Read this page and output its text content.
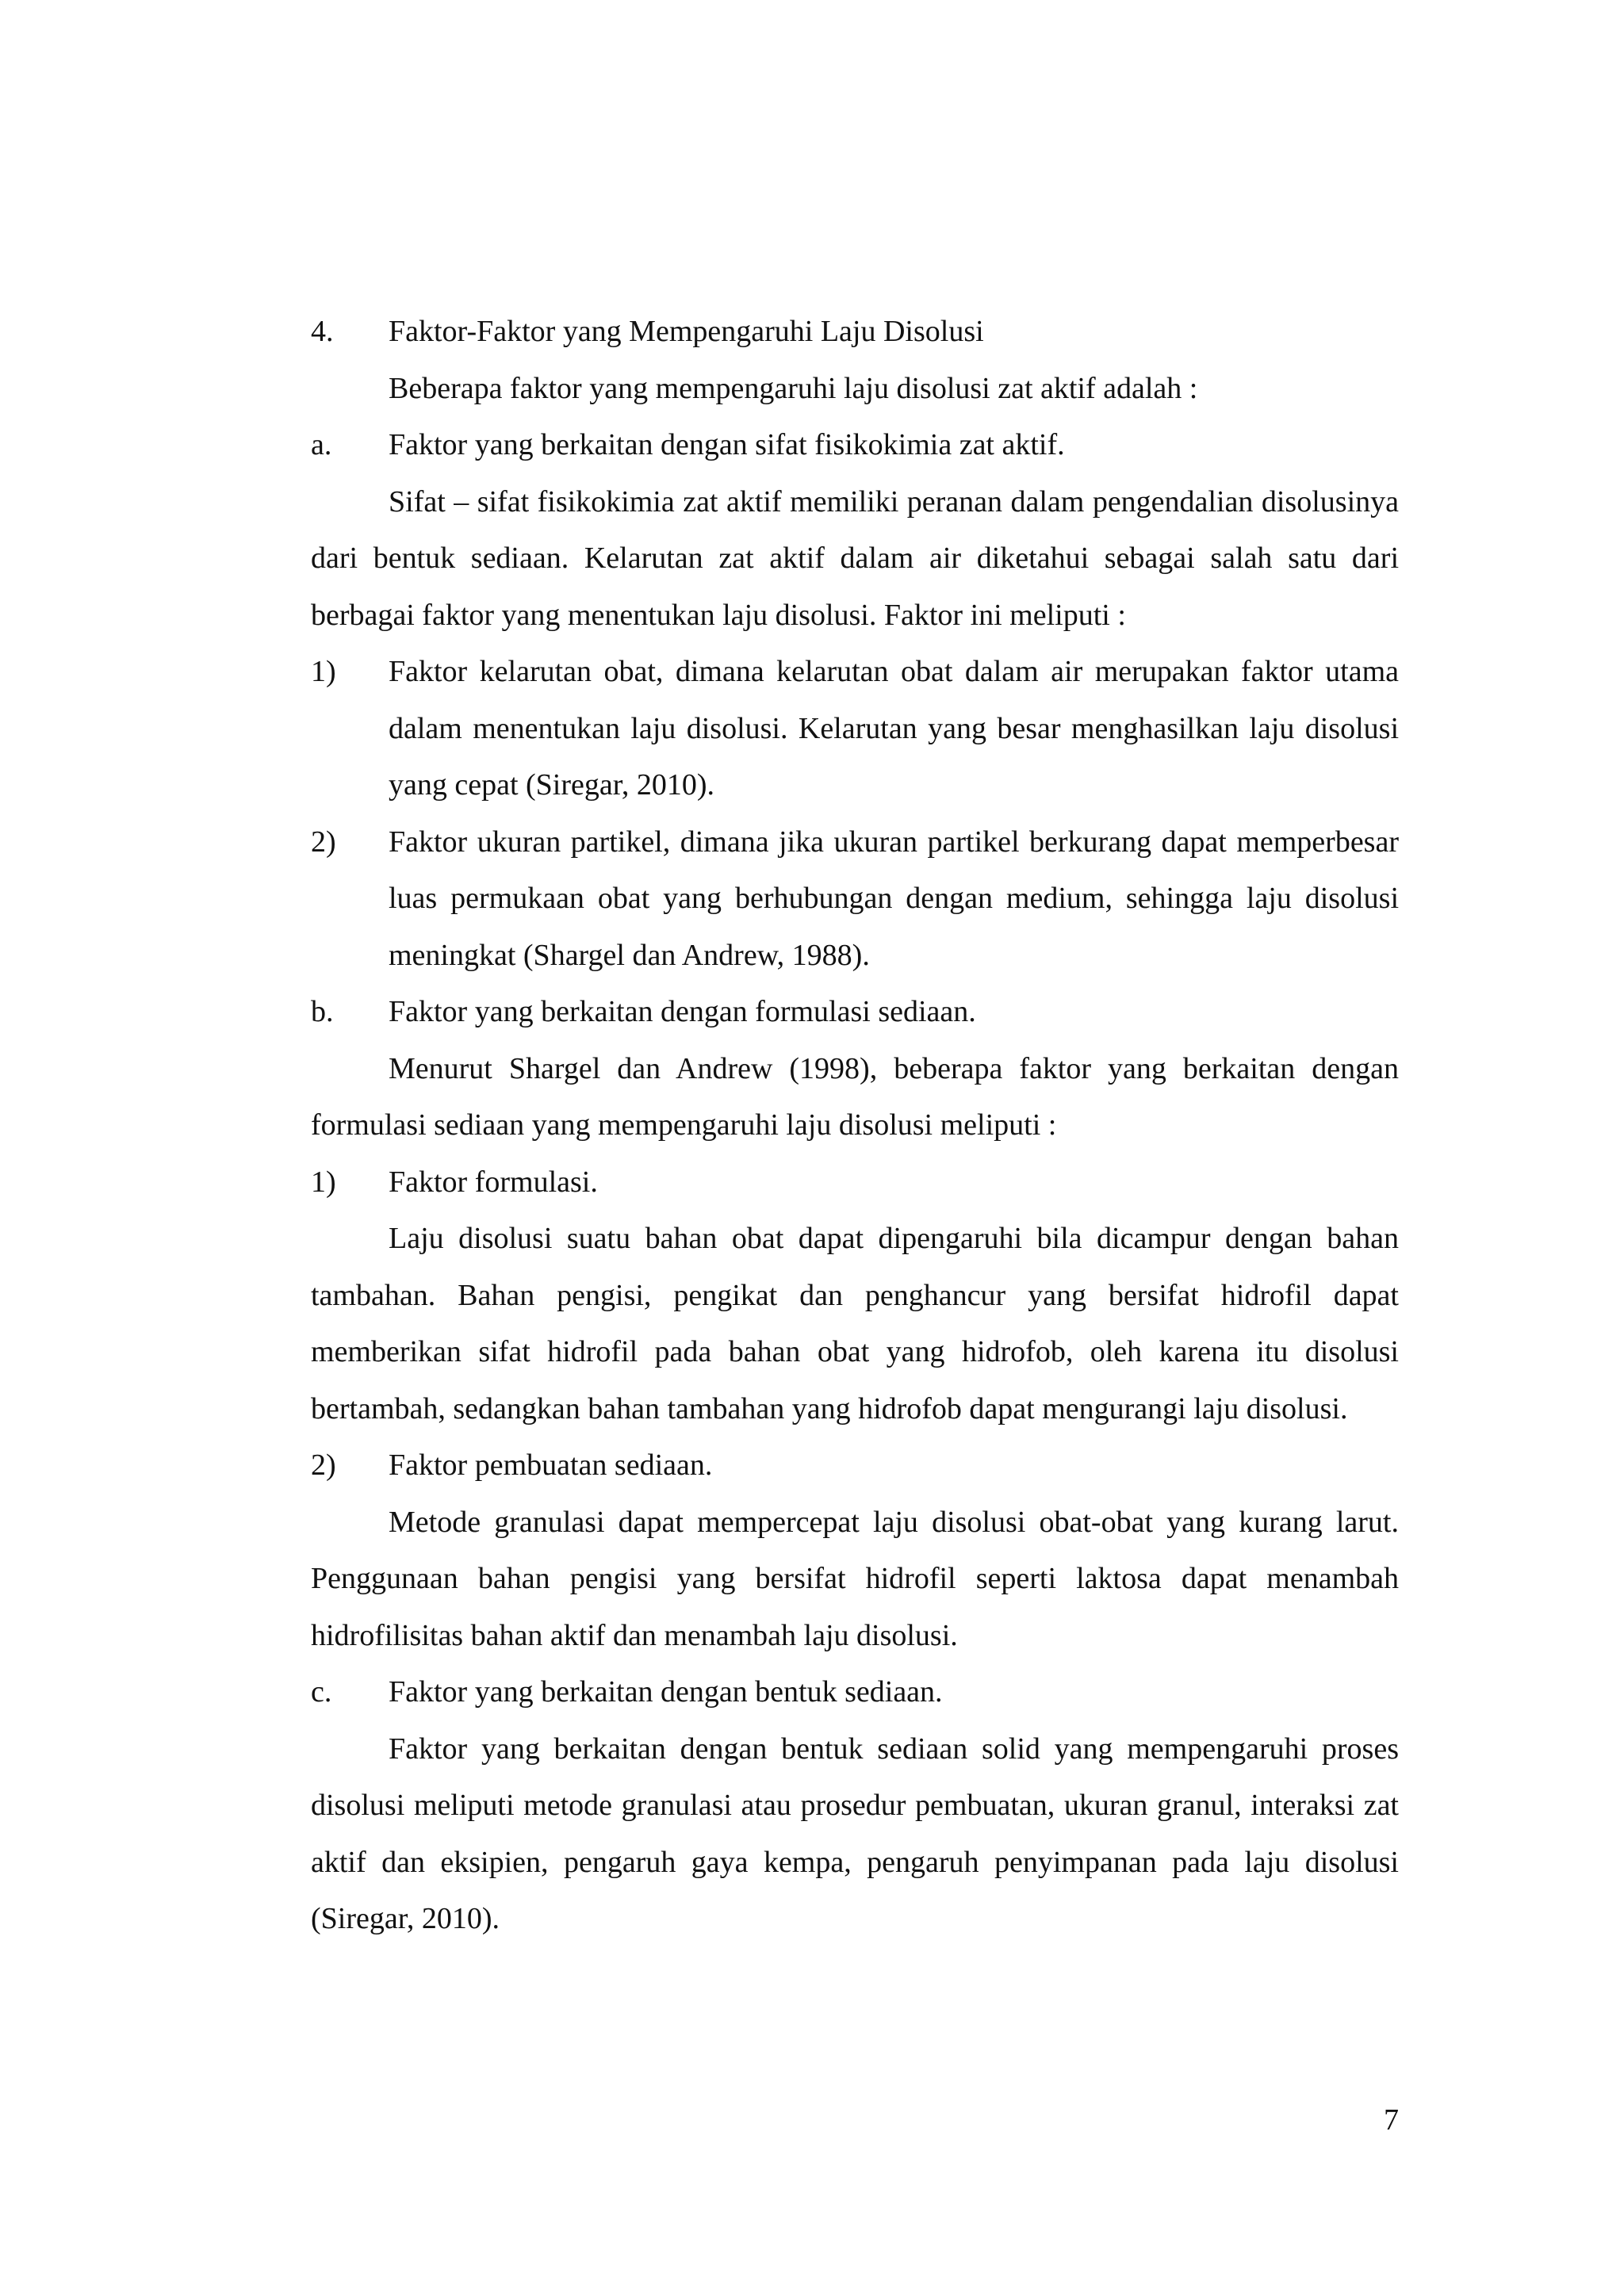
4. Faktor-Faktor yang Mempengaruhi Laju Disolusi
Beberapa faktor yang mempengaruhi laju disolusi zat aktif adalah :
a. Faktor yang berkaitan dengan sifat fisikokimia zat aktif.

Sifat – sifat fisikokimia zat aktif memiliki peranan dalam pengendalian disolusinya dari bentuk sediaan. Kelarutan zat aktif dalam air diketahui sebagai salah satu dari berbagai faktor yang menentukan laju disolusi. Faktor ini meliputi :

1) Faktor kelarutan obat, dimana kelarutan obat dalam air merupakan faktor utama dalam menentukan laju disolusi. Kelarutan yang besar menghasilkan laju disolusi yang cepat (Siregar, 2010).

2) Faktor ukuran partikel, dimana jika ukuran partikel berkurang dapat memperbesar luas permukaan obat yang berhubungan dengan medium, sehingga laju disolusi meningkat (Shargel dan Andrew, 1988).

b. Faktor yang berkaitan dengan formulasi sediaan.

Menurut Shargel dan Andrew (1998), beberapa faktor yang berkaitan dengan formulasi sediaan yang mempengaruhi laju disolusi meliputi :

1) Faktor formulasi.

Laju disolusi suatu bahan obat dapat dipengaruhi bila dicampur dengan bahan tambahan. Bahan pengisi, pengikat dan penghancur yang bersifat hidrofil dapat memberikan sifat hidrofil pada bahan obat yang hidrofob, oleh karena itu disolusi bertambah, sedangkan bahan tambahan yang hidrofob dapat mengurangi laju disolusi.

2) Faktor pembuatan sediaan.

Metode granulasi dapat mempercepat laju disolusi obat-obat yang kurang larut. Penggunaan bahan pengisi yang bersifat hidrofil seperti laktosa dapat menambah hidrofilisitas bahan aktif dan menambah laju disolusi.

c. Faktor yang berkaitan dengan bentuk sediaan.

Faktor yang berkaitan dengan bentuk sediaan solid yang mempengaruhi proses disolusi meliputi metode granulasi atau prosedur pembuatan, ukuran granul, interaksi zat aktif dan eksipien, pengaruh gaya kempa, pengaruh penyimpanan pada laju disolusi (Siregar, 2010).

7
